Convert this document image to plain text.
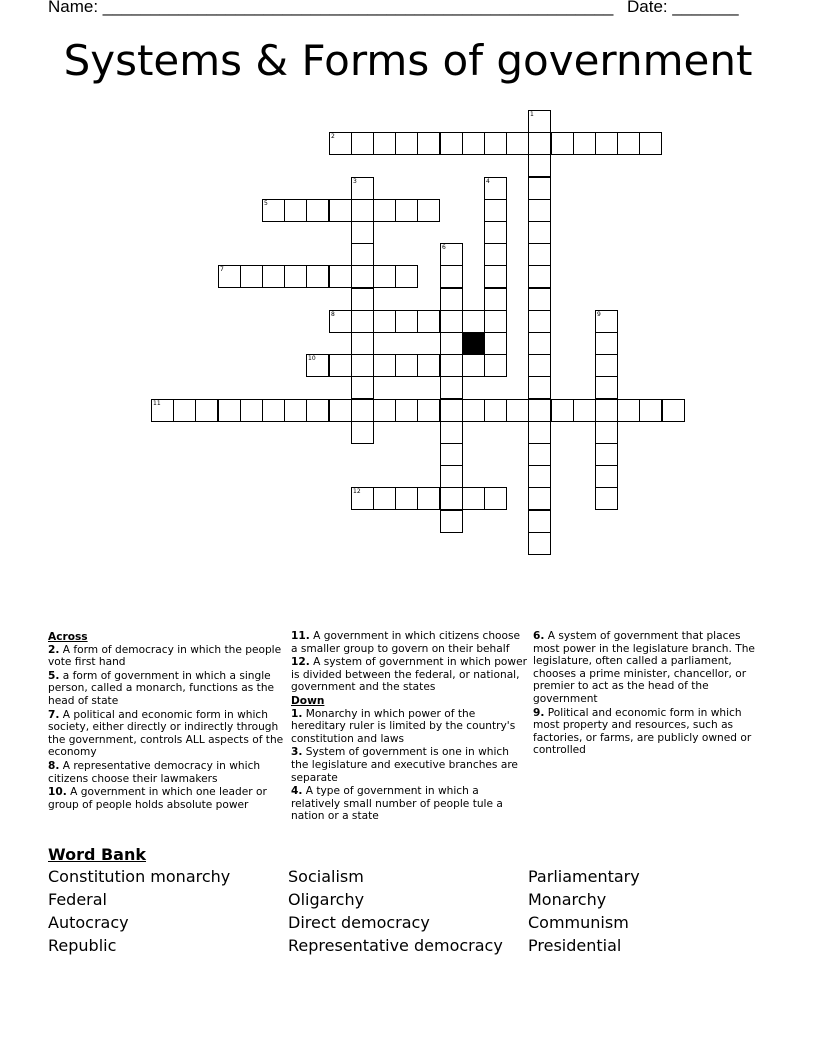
Name: ______________________________________________________ Date: _______
Systems & Forms of government
1
2
3	4
5
6
7
8	9
10
11
12
Across
2. A form of democracy in which the people vote first hand
5. a form of government in which a single person, called a monarch, functions as the head of state
7. A political and economic form in which society, either directly or indirectly through the government, controls ALL aspects of the economy
8. A representative democracy in which citizens choose their lawmakers
10. A government in which one leader or group of people holds absolute power
11. A government in which citizens choose a smaller group to govern on their behalf
12. A system of government in which power is divided between the federal, or national, government and the states
Down
1. Monarchy in which power of the hereditary ruler is limited by the country's constitution and laws
3. System of government is one in which the legislature and executive branches are separate
4. A type of government in which a relatively small number of people tule a nation or a state
6. A system of government that places most power in the legislature branch. The legislature, often called a parliament, chooses a prime minister, chancellor, or premier to act as the head of the government
9. Political and economic form in which most property and resources, such as factories, or farms, are publicly owned or controlled
Word Bank
Constitution monarchy	Socialism	Parliamentary
Federal	Oligarchy	Monarchy
Autocracy	Direct democracy	Communism
Republic	Representative democracy	Presidential
